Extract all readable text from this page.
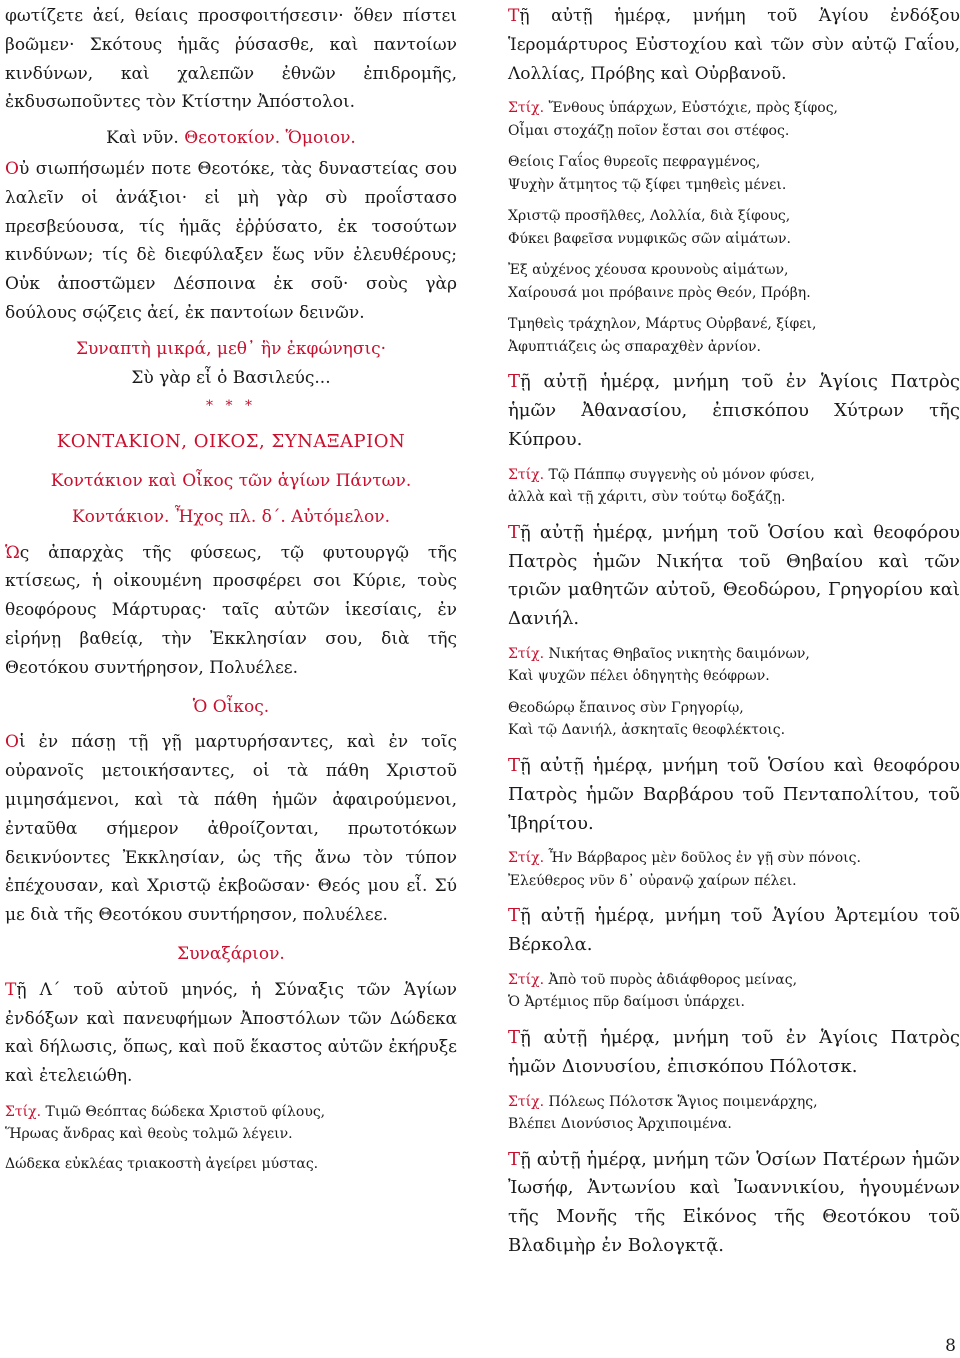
φωτίζετε ἀεί, θείαις προσφοιτήσεσιν· ὅθεν πίστει βοῶμεν· Σκότους ἡμᾶς ῥύσασθε, καὶ παντοίων κινδύνων, καὶ χαλεπῶν ἐθνῶν ἐπιδρομῆς, ἐκδυσωποῦντες τὸν Κτίστην Ἀπόστολοι.

Καὶ νῦν. Θεοτοκίον. Ὅμοιον.

Οὐ σιωπήσωμέν ποτε Θεοτόκε, τὰς δυναστείας σου λαλεῖν οἱ ἀνάξιοι· εἰ μὴ γὰρ σὺ προΐστασο πρεσβεύουσα, τίς ἡμᾶς ἐῤῥύσατο, ἐκ τοσούτων κινδύνων; τίς δὲ διεφύλαξεν ἕως νῦν ἐλευθέρους; Οὐκ ἀποστῶμεν Δέσποινα ἐκ σοῦ· σοὺς γὰρ δούλους σῴζεις ἀεί, ἐκ παντοίων δεινῶν.

Συναπτὴ μικρά, μεθ᾽ ἣν ἐκφώνησις·

Σὺ γὰρ εἶ ὁ Βασιλεύς...

* * *

ΚΟΝΤΑΚΙΟΝ, ΟΙΚΟΣ, ΣΥΝΑΞΑΡΙΟΝ

Κοντάκιον καὶ Οἶκος τῶν ἁγίων Πάντων.

Κοντάκιον. Ἦχος πλ. δ΄. Αὐτόμελον.

Ὡς ἀπαρχὰς τῆς φύσεως, τῷ φυτουργῷ τῆς κτίσεως, ἡ οἰκουμένη προσφέρει σοι Κύριε, τοὺς θεοφόρους Μάρτυρας· ταῖς αὐτῶν ἱκεσίαις, ἐν εἰρήνῃ βαθείᾳ, τὴν Ἐκκλησίαν σου, διὰ τῆς Θεοτόκου συντήρησον, Πολυέλεε.

Ὁ Οἶκος.

Οἱ ἐν πάσῃ τῇ γῇ μαρτυρήσαντες, καὶ ἐν τοῖς οὐρανοῖς μετοικήσαντες, οἱ τὰ πάθη Χριστοῦ μιμησάμενοι, καὶ τὰ πάθη ἡμῶν ἀφαιρούμενοι, ἐνταῦθα σήμερον ἀθροίζονται, πρωτοτόκων δεικνύοντες Ἐκκλησίαν, ὡς τῆς ἄνω τὸν τύπον ἐπέχουσαν, καὶ Χριστῷ ἐκβοῶσαν· Θεός μου εἶ. Σύ με διὰ τῆς Θεοτόκου συντήρησον, πολυέλεε.

Συναξάριον.

Τῇ Λ΄ τοῦ αὐτοῦ μηνός, ἡ Σύναξις τῶν Ἁγίων ἐνδόξων καὶ πανευφήμων Ἀποστόλων τῶν Δώδεκα καὶ δήλωσις, ὅπως, καὶ ποῦ ἕκαστος αὐτῶν ἐκήρυξε καὶ ἐτελειώθη.

Στίχ. Τιμῶ Θεόπτας δώδεκα Χριστοῦ φίλους,

Ἥρωας ἄνδρας καὶ θεοὺς τολμῶ λέγειν.

Δώδεκα εὐκλέας τριακοστὴ ἀγείρει μύστας.

Τῇ αὐτῇ ἡμέρᾳ, μνήμη τοῦ Ἁγίου ἐνδόξου Ἱερομάρτυρος Εὐστοχίου καὶ τῶν σὺν αὐτῷ Γαΐου, Λολλίας, Πρόβης καὶ Οὐρβανοῦ.

Στίχ. Ἔνθους ὑπάρχων, Εὐστόχιε, πρὸς ξίφος,

Οἶμαι στοχάζῃ ποῖον ἔσται σοι στέφος.

Θείοις Γαΐος θυρεοῖς πεφραγμένος,

Ψυχὴν ἄτμητος τῷ ξίφει τμηθεὶς μένει.

Χριστῷ προσῆλθες, Λολλία, διὰ ξίφους,

Φύκει βαφεῖσα νυμφικῶς σῶν αἱμάτων.

Ἐξ αὐχένος χέουσα κρουνοὺς αἱμάτων,

Χαίρουσά μοι πρόβαινε πρὸς Θεόν, Πρόβη.

Τμηθεὶς τράχηλον, Μάρτυς Οὐρβανέ, ξίφει,

Ἀφυπτιάζεις ὡς σπαραχθὲν ἀρνίον.

Τῇ αὐτῇ ἡμέρᾳ, μνήμη τοῦ ἐν Ἁγίοις Πατρὸς ἡμῶν Ἀθανασίου, ἐπισκόπου Χύτρων τῆς Κύπρου.

Στίχ. Τῷ Πάππῳ συγγενὴς οὐ μόνον φύσει,

ἀλλὰ καὶ τῇ χάριτι, σὺν τούτῳ δοξάζῃ.

Τῇ αὐτῇ ἡμέρᾳ, μνήμη τοῦ Ὁσίου καὶ θεοφόρου Πατρὸς ἡμῶν Νικήτα τοῦ Θηβαίου καὶ τῶν τριῶν μαθητῶν αὐτοῦ, Θεοδώρου, Γρηγορίου καὶ Δανιήλ.

Στίχ. Νικήτας Θηβαῖος νικητὴς δαιμόνων,

Καὶ ψυχῶν πέλει ὁδηγητὴς θεόφρων.

Θεοδώρῳ ἔπαινος σὺν Γρηγορίῳ,

Καὶ τῷ Δανιήλ, ἀσκηταῖς θεοφλέκτοις.

Τῇ αὐτῇ ἡμέρᾳ, μνήμη τοῦ Ὁσίου καὶ θεοφόρου Πατρὸς ἡμῶν Βαρβάρου τοῦ Πενταπολίτου, τοῦ Ἰβηρίτου.

Στίχ. Ἦν Βάρβαρος μὲν δοῦλος ἐν γῇ σὺν πόνοις.

Ἐλεύθερος νῦν δ᾽ οὐρανῷ χαίρων πέλει.

Τῇ αὐτῇ ἡμέρᾳ, μνήμη τοῦ Ἁγίου Ἀρτεμίου τοῦ Βέρκολα.

Στίχ. Ἀπὸ τοῦ πυρὸς ἀδιάφθορος μείνας,

Ὁ Ἀρτέμιος πῦρ δαίμοσι ὑπάρχει.

Τῇ αὐτῇ ἡμέρᾳ, μνήμη τοῦ ἐν Ἁγίοις Πατρὸς ἡμῶν Διονυσίου, ἐπισκόπου Πόλοτσκ.

Στίχ. Πόλεως Πόλοτσκ Ἅγιος ποιμενάρχης,

Βλέπει Διονύσιος Ἀρχιποιμένα.

Τῇ αὐτῇ ἡμέρᾳ, μνήμη τῶν Ὁσίων Πατέρων ἡμῶν Ἰωσήφ, Ἀντωνίου καὶ Ἰωαννικίου, ἡγουμένων τῆς Μονῆς τῆς Εἰκόνος τῆς Θεοτόκου τοῦ Βλαδιμὴρ ἐν Βολογκτᾷ.

8
